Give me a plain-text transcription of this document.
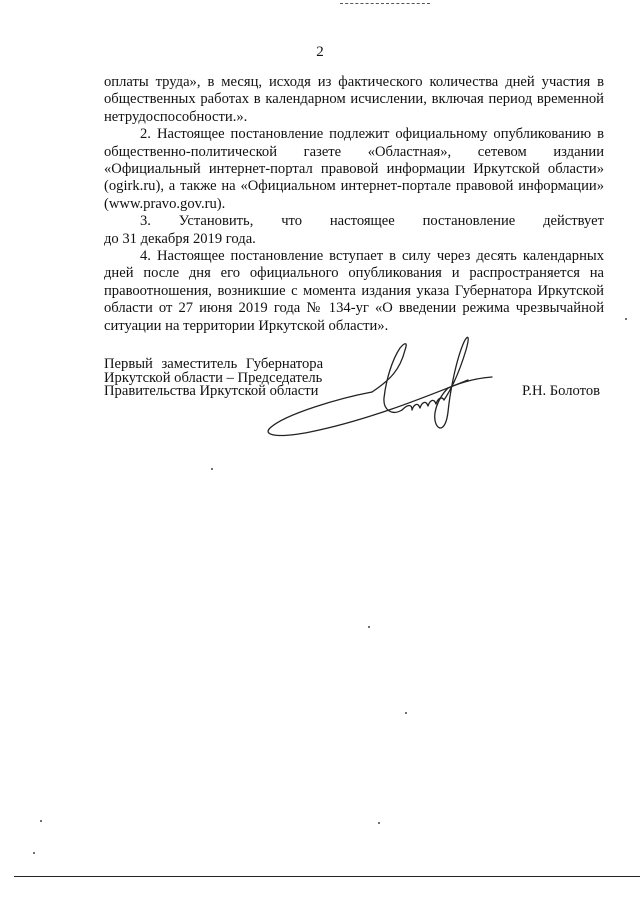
2
оплаты труда», в месяц, исходя из фактического количества дней участия в
общественных работах в календарном исчислении, включая период временной
нетрудоспособности.».
2. Настоящее постановление подлежит официальному опубликованию в
общественно-политической газете «Областная», сетевом издании
«Официальный интернет-портал правовой информации Иркутской области»
(ogirk.ru), а также на «Официальном интернет-портале правовой информации»
(www.pravo.gov.ru).
3. Установить, что настоящее постановление действует
до 31 декабря 2019 года.
4. Настоящее постановление вступает в силу через десять календарных
дней после дня его официального опубликования и распространяется на
правоотношения, возникшие с момента издания указа Губернатора Иркутской
области от 27 июня 2019 года № 134-уг «О введении режима чрезвычайной
ситуации на территории Иркутской области».
Первый заместитель Губернатора
Иркутской области – Председатель
Правительства Иркутской области	Р.Н. Болотов
